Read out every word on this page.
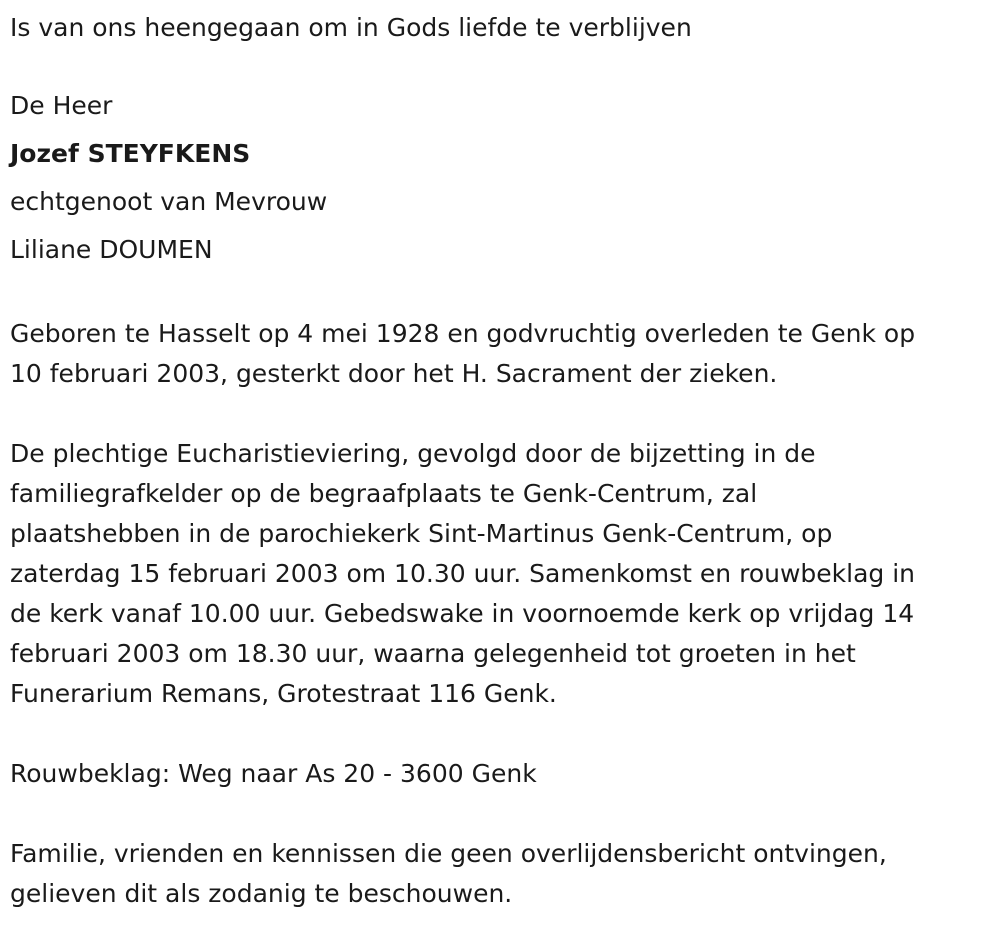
Is van ons heengegaan om in Gods liefde te verblijven

De Heer

Jozef STEYFKENS

echtgenoot van Mevrouw

Liliane DOUMEN

Geboren te Hasselt op 4 mei 1928 en godvruchtig overleden te Genk op

10 februari 2003, gesterkt door het H. Sacrament der zieken.

De plechtige Eucharistieviering, gevolgd door de bijzetting in de

familiegrafkelder op de begraafplaats te Genk-Centrum, zal

plaatshebben in de parochiekerk Sint-Martinus Genk-Centrum, op

zaterdag 15 februari 2003 om 10.30 uur. Samenkomst en rouwbeklag in

de kerk vanaf 10.00 uur. Gebedswake in voornoemde kerk op vrijdag 14

februari 2003 om 18.30 uur, waarna gelegenheid tot groeten in het

Funerarium Remans, Grotestraat 116 Genk.

Rouwbeklag: Weg naar As 20 - 3600 Genk

Familie, vrienden en kennissen die geen overlijdensbericht ontvingen,

gelieven dit als zodanig te beschouwen.
